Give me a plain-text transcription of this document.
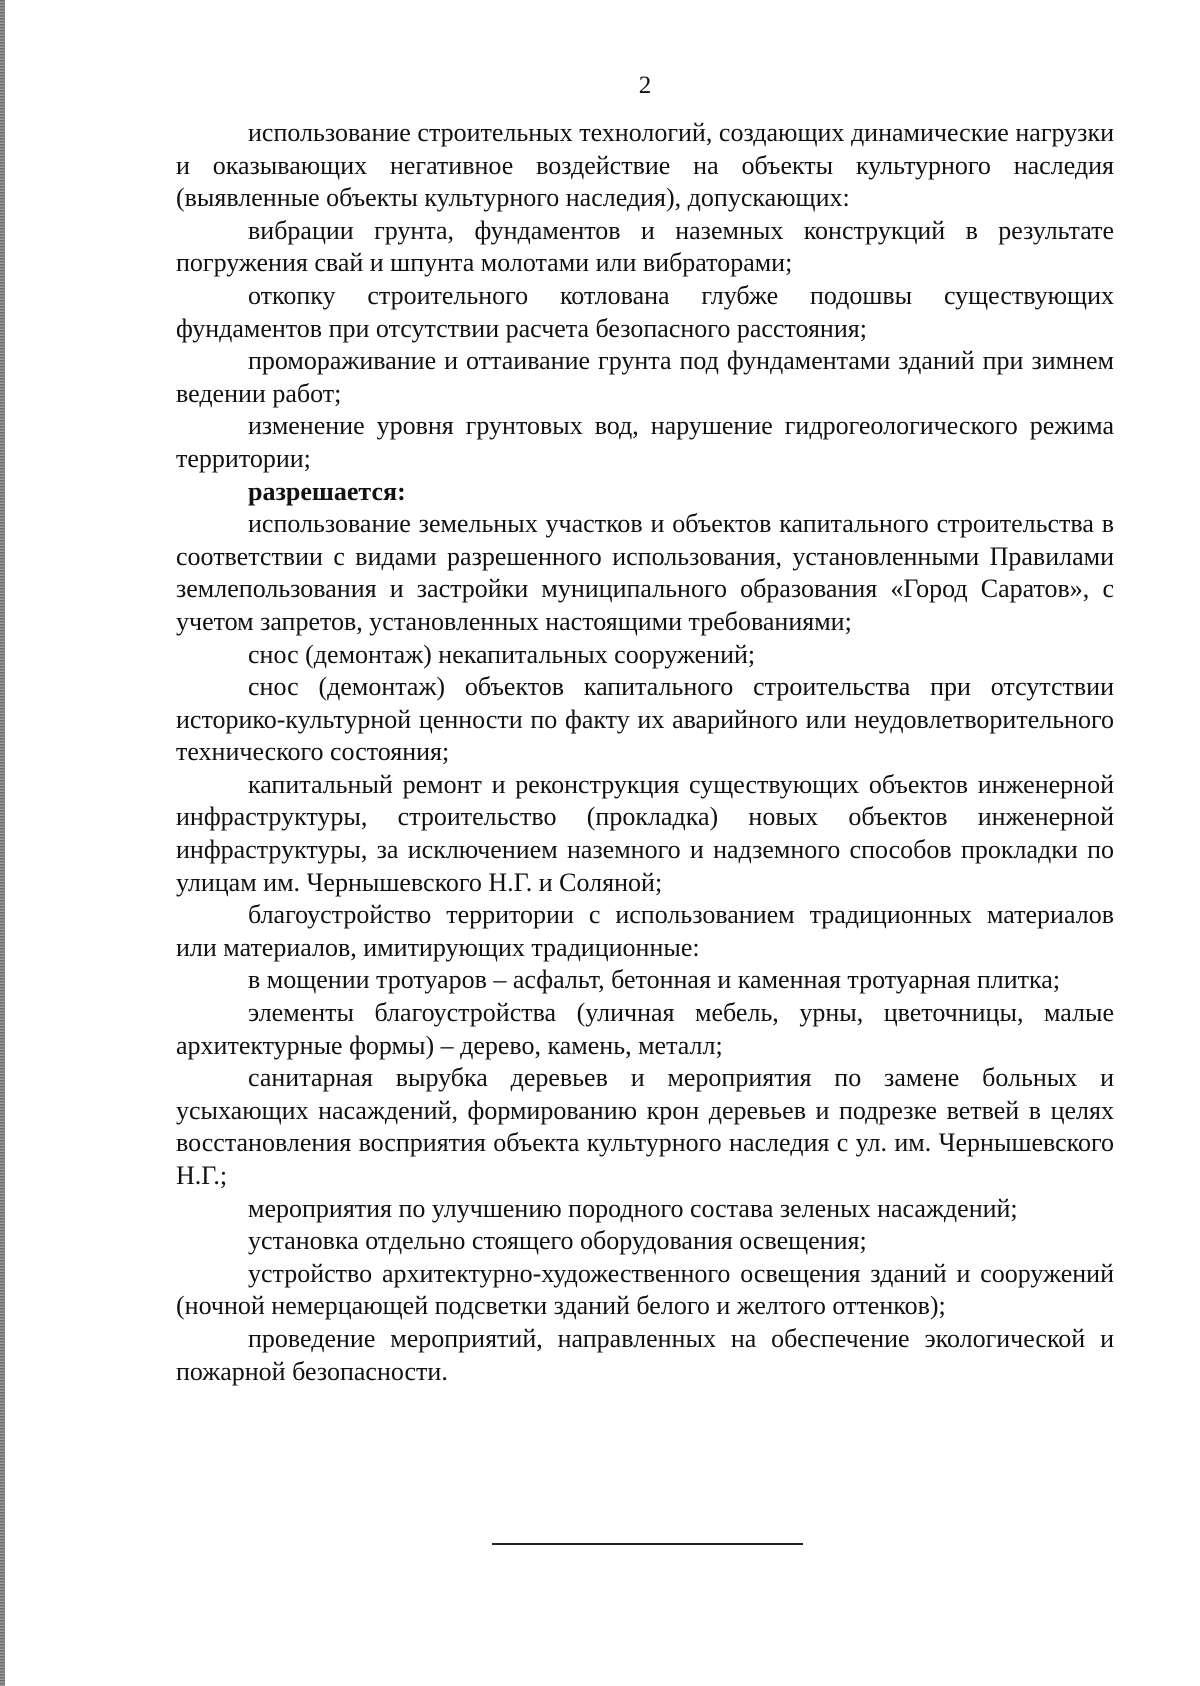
2

использование строительных технологий, создающих динамические нагрузки и оказывающих негативное воздействие на объекты культурного наследия (выявленные объекты культурного наследия), допускающих:

вибрации грунта, фундаментов и наземных конструкций в результате погружения свай и шпунта молотами или вибраторами;

откопку строительного котлована глубже подошвы существующих фундаментов при отсутствии расчета безопасного расстояния;

промораживание и оттаивание грунта под фундаментами зданий при зимнем ведении работ;

изменение уровня грунтовых вод, нарушение гидрогеологического режима территории;

разрешается:

использование земельных участков и объектов капитального строительства в соответствии с видами разрешенного использования, установленными Правилами землепользования и застройки муниципального образования «Город Саратов», с учетом запретов, установленных настоящими требованиями;

снос (демонтаж) некапитальных сооружений;

снос (демонтаж) объектов капитального строительства при отсутствии историко-культурной ценности по факту их аварийного или неудовлетворительного технического состояния;

капитальный ремонт и реконструкция существующих объектов инженерной инфраструктуры, строительство (прокладка) новых объектов инженерной инфраструктуры, за исключением наземного и надземного способов прокладки по улицам им. Чернышевского Н.Г. и Соляной;

благоустройство территории с использованием традиционных материалов или материалов, имитирующих традиционные:

в мощении тротуаров – асфальт, бетонная и каменная тротуарная плитка;

элементы благоустройства (уличная мебель, урны, цветочницы, малые архитектурные формы) – дерево, камень, металл;

санитарная вырубка деревьев и мероприятия по замене больных и усыхающих насаждений, формированию крон деревьев и подрезке ветвей в целях восстановления восприятия объекта культурного наследия с ул. им. Чернышевского Н.Г.;

мероприятия по улучшению породного состава зеленых насаждений;

установка отдельно стоящего оборудования освещения;

устройство архитектурно-художественного освещения зданий и сооружений (ночной немерцающей подсветки зданий белого и желтого оттенков);

проведение мероприятий, направленных на обеспечение экологической и пожарной безопасности.
